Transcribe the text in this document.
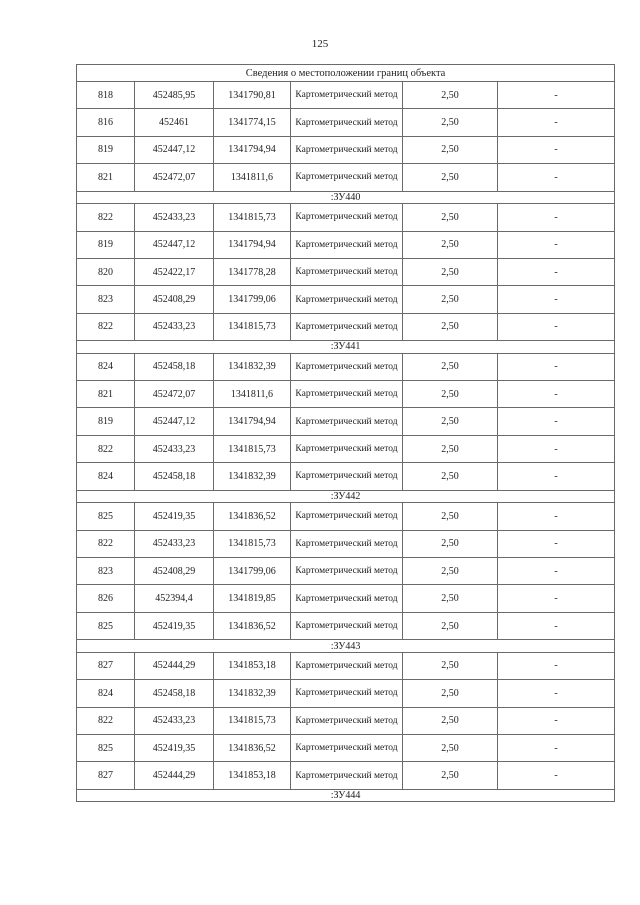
125
Сведения о местоположении границ объекта					
818	452485,95	1341790,81	Картометрический метод	2,50	-
816	452461	1341774,15	Картометрический метод	2,50	-
819	452447,12	1341794,94	Картометрический метод	2,50	-
821	452472,07	1341811,6	Картометрический метод	2,50	-
:ЗУ440					
822	452433,23	1341815,73	Картометрический метод	2,50	-
819	452447,12	1341794,94	Картометрический метод	2,50	-
820	452422,17	1341778,28	Картометрический метод	2,50	-
823	452408,29	1341799,06	Картометрический метод	2,50	-
822	452433,23	1341815,73	Картометрический метод	2,50	-
:ЗУ441					
824	452458,18	1341832,39	Картометрический метод	2,50	-
821	452472,07	1341811,6	Картометрический метод	2,50	-
819	452447,12	1341794,94	Картометрический метод	2,50	-
822	452433,23	1341815,73	Картометрический метод	2,50	-
824	452458,18	1341832,39	Картометрический метод	2,50	-
:ЗУ442					
825	452419,35	1341836,52	Картометрический метод	2,50	-
822	452433,23	1341815,73	Картометрический метод	2,50	-
823	452408,29	1341799,06	Картометрический метод	2,50	-
826	452394,4	1341819,85	Картометрический метод	2,50	-
825	452419,35	1341836,52	Картометрический метод	2,50	-
:ЗУ443					
827	452444,29	1341853,18	Картометрический метод	2,50	-
824	452458,18	1341832,39	Картометрический метод	2,50	-
822	452433,23	1341815,73	Картометрический метод	2,50	-
825	452419,35	1341836,52	Картометрический метод	2,50	-
827	452444,29	1341853,18	Картометрический метод	2,50	-
:ЗУ444					
